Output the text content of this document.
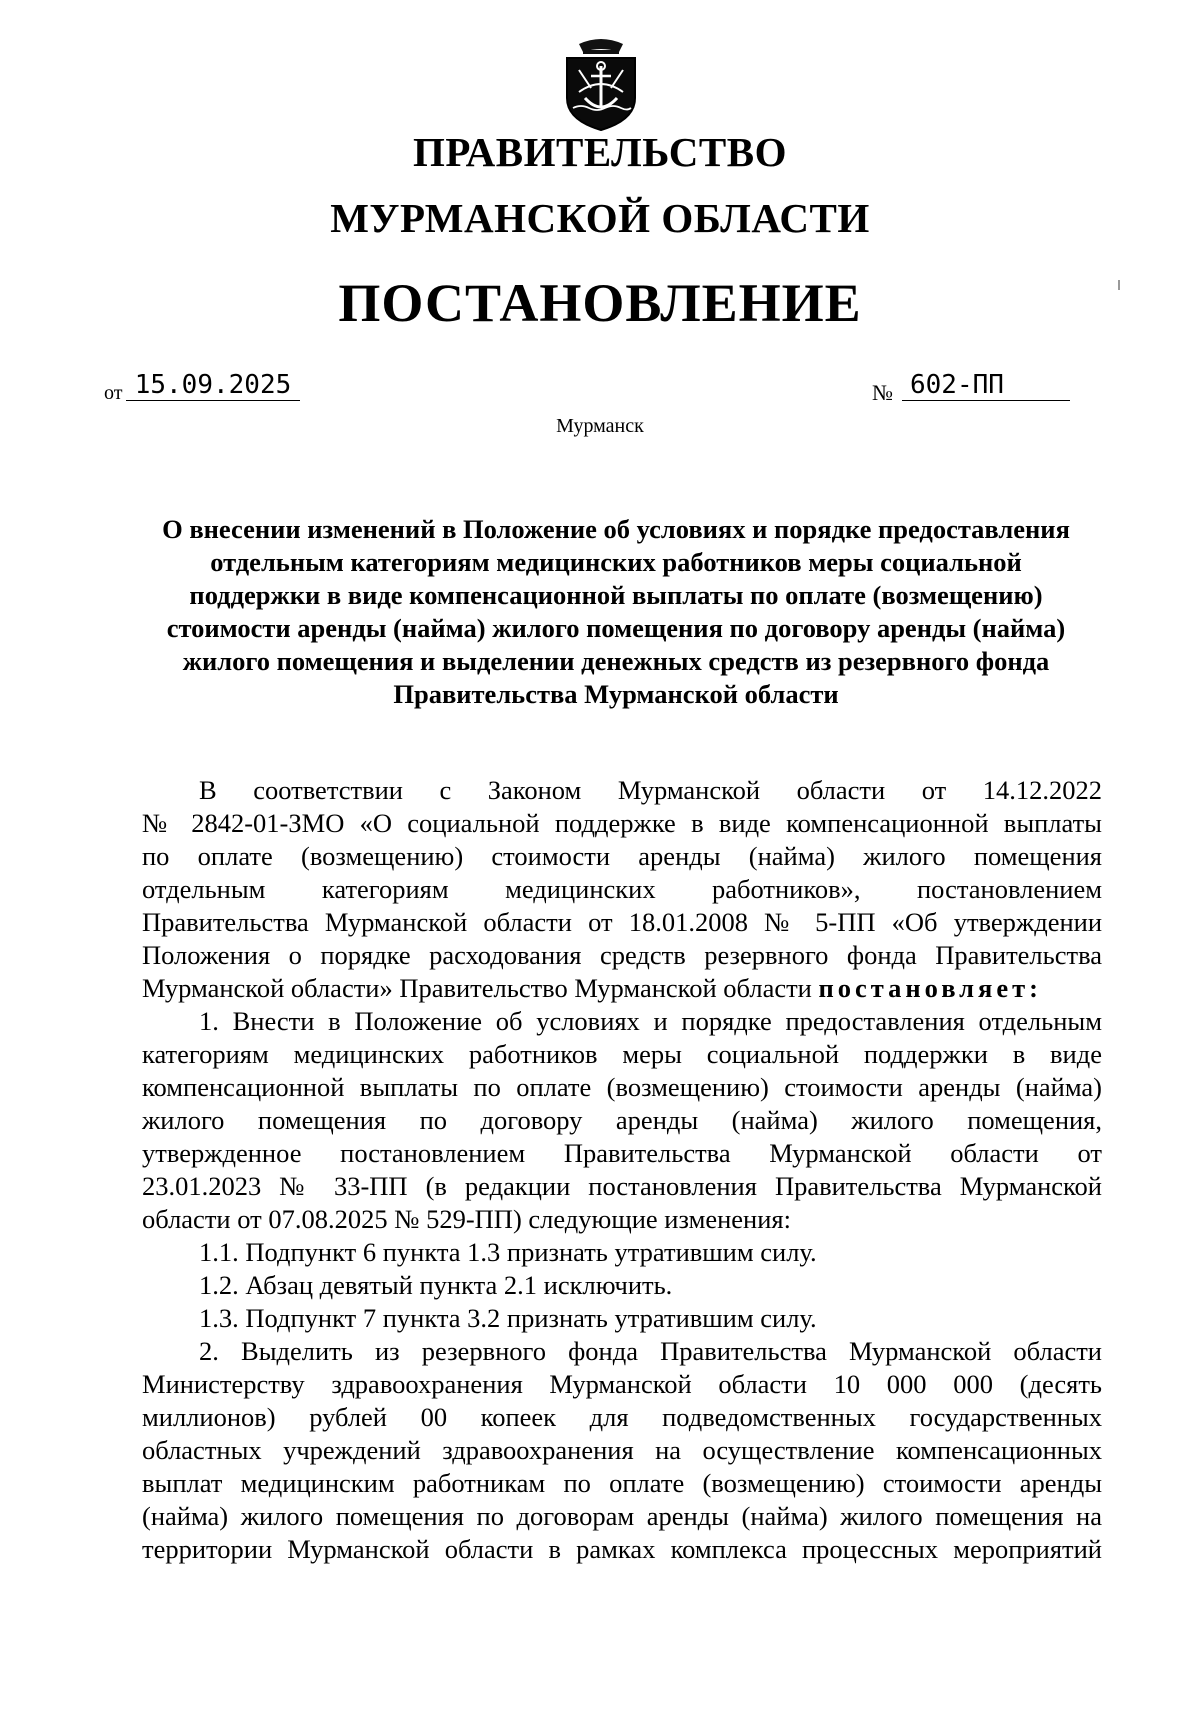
ПРАВИТЕЛЬСТВО
МУРМАНСКОЙ ОБЛАСТИ
ПОСТАНОВЛЕНИЕ
от 15.09.2025	№ 602-ПП
Мурманск
О внесении изменений в Положение об условиях и порядке предоставления
отдельным категориям медицинских работников меры социальной
поддержки в виде компенсационной выплаты по оплате (возмещению)
стоимости аренды (найма) жилого помещения по договору аренды (найма)
жилого помещения и выделении денежных средств из резервного фонда
Правительства Мурманской области
В соответствии с Законом Мурманской области от 14.12.2022
№ 2842-01-ЗМО «О социальной поддержке в виде компенсационной выплаты
по оплате (возмещению) стоимости аренды (найма) жилого помещения
отдельным категориям медицинских работников», постановлением
Правительства Мурманской области от 18.01.2008 № 5-ПП «Об утверждении
Положения о порядке расходования средств резервного фонда Правительства
Мурманской области» Правительство Мурманской области постановляет:
1. Внести в Положение об условиях и порядке предоставления отдельным
категориям медицинских работников меры социальной поддержки в виде
компенсационной выплаты по оплате (возмещению) стоимости аренды (найма)
жилого помещения по договору аренды (найма) жилого помещения,
утвержденное постановлением Правительства Мурманской области от
23.01.2023 № 33-ПП (в редакции постановления Правительства Мурманской
области от 07.08.2025 № 529-ПП) следующие изменения:
1.1. Подпункт 6 пункта 1.3 признать утратившим силу.
1.2. Абзац девятый пункта 2.1 исключить.
1.3. Подпункт 7 пункта 3.2 признать утратившим силу.
2. Выделить из резервного фонда Правительства Мурманской области
Министерству здравоохранения Мурманской области 10 000 000 (десять
миллионов) рублей 00 копеек для подведомственных государственных
областных учреждений здравоохранения на осуществление компенсационных
выплат медицинским работникам по оплате (возмещению) стоимости аренды
(найма) жилого помещения по договорам аренды (найма) жилого помещения на
территории Мурманской области в рамках комплекса процессных мероприятий
